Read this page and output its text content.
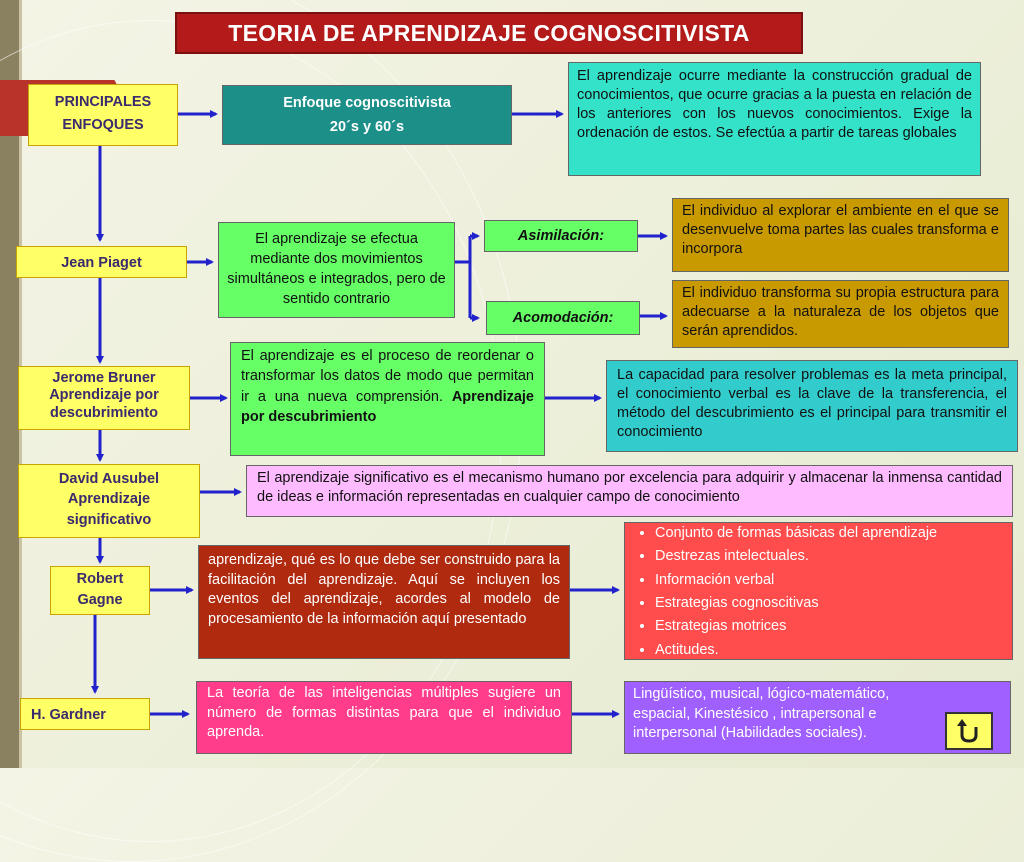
TEORIA DE APRENDIZAJE COGNOSCITIVISTA
PRINCIPALES
ENFOQUES
Enfoque cognoscitivista
20´s y 60´s
El aprendizaje ocurre mediante la construcción gradual de conocimientos, que ocurre gracias a la puesta en relación de los anteriores con los nuevos conocimientos. Exige la ordenación de estos. Se efectúa a partir de tareas globales
Jean Piaget
El aprendizaje se efectua mediante dos movimientos simultáneos e integrados, pero de sentido contrario
Asimilación:
Acomodación:
El individuo al explorar el ambiente en el que se desenvuelve toma partes las cuales transforma e incorpora
El individuo transforma su propia estructura para adecuarse a la naturaleza de los objetos que serán aprendidos.
Jerome Bruner
Aprendizaje por descubrimiento
El aprendizaje es el proceso de reordenar o transformar los datos de modo que permitan ir a una nueva comprensión. Aprendizaje por descubrimiento
La capacidad para resolver problemas es la meta principal, el conocimiento verbal es la clave de la transferencia, el método del descubrimiento es el principal para transmitir el conocimiento
David Ausubel
Aprendizaje
significativo
El aprendizaje significativo es el mecanismo humano por excelencia para adquirir y almacenar la inmensa cantidad de ideas e información representadas en cualquier campo de conocimiento
Robert
Gagne
aprendizaje, qué es lo que debe ser construido para la facilitación del aprendizaje. Aquí se incluyen los eventos del aprendizaje, acordes al modelo de procesamiento de la información aquí presentado
• Conjunto de formas básicas del aprendizaje
• Destrezas intelectuales.
• Información verbal
• Estrategias cognoscitivas
• Estrategias motrices
• Actitudes.
H. Gardner
La teoría de las inteligencias múltiples sugiere un número de formas distintas para que el individuo aprenda.
Lingüístico, musical, lógico-matemático, espacial, Kinestésico , intrapersonal e interpersonal (Habilidades sociales).
